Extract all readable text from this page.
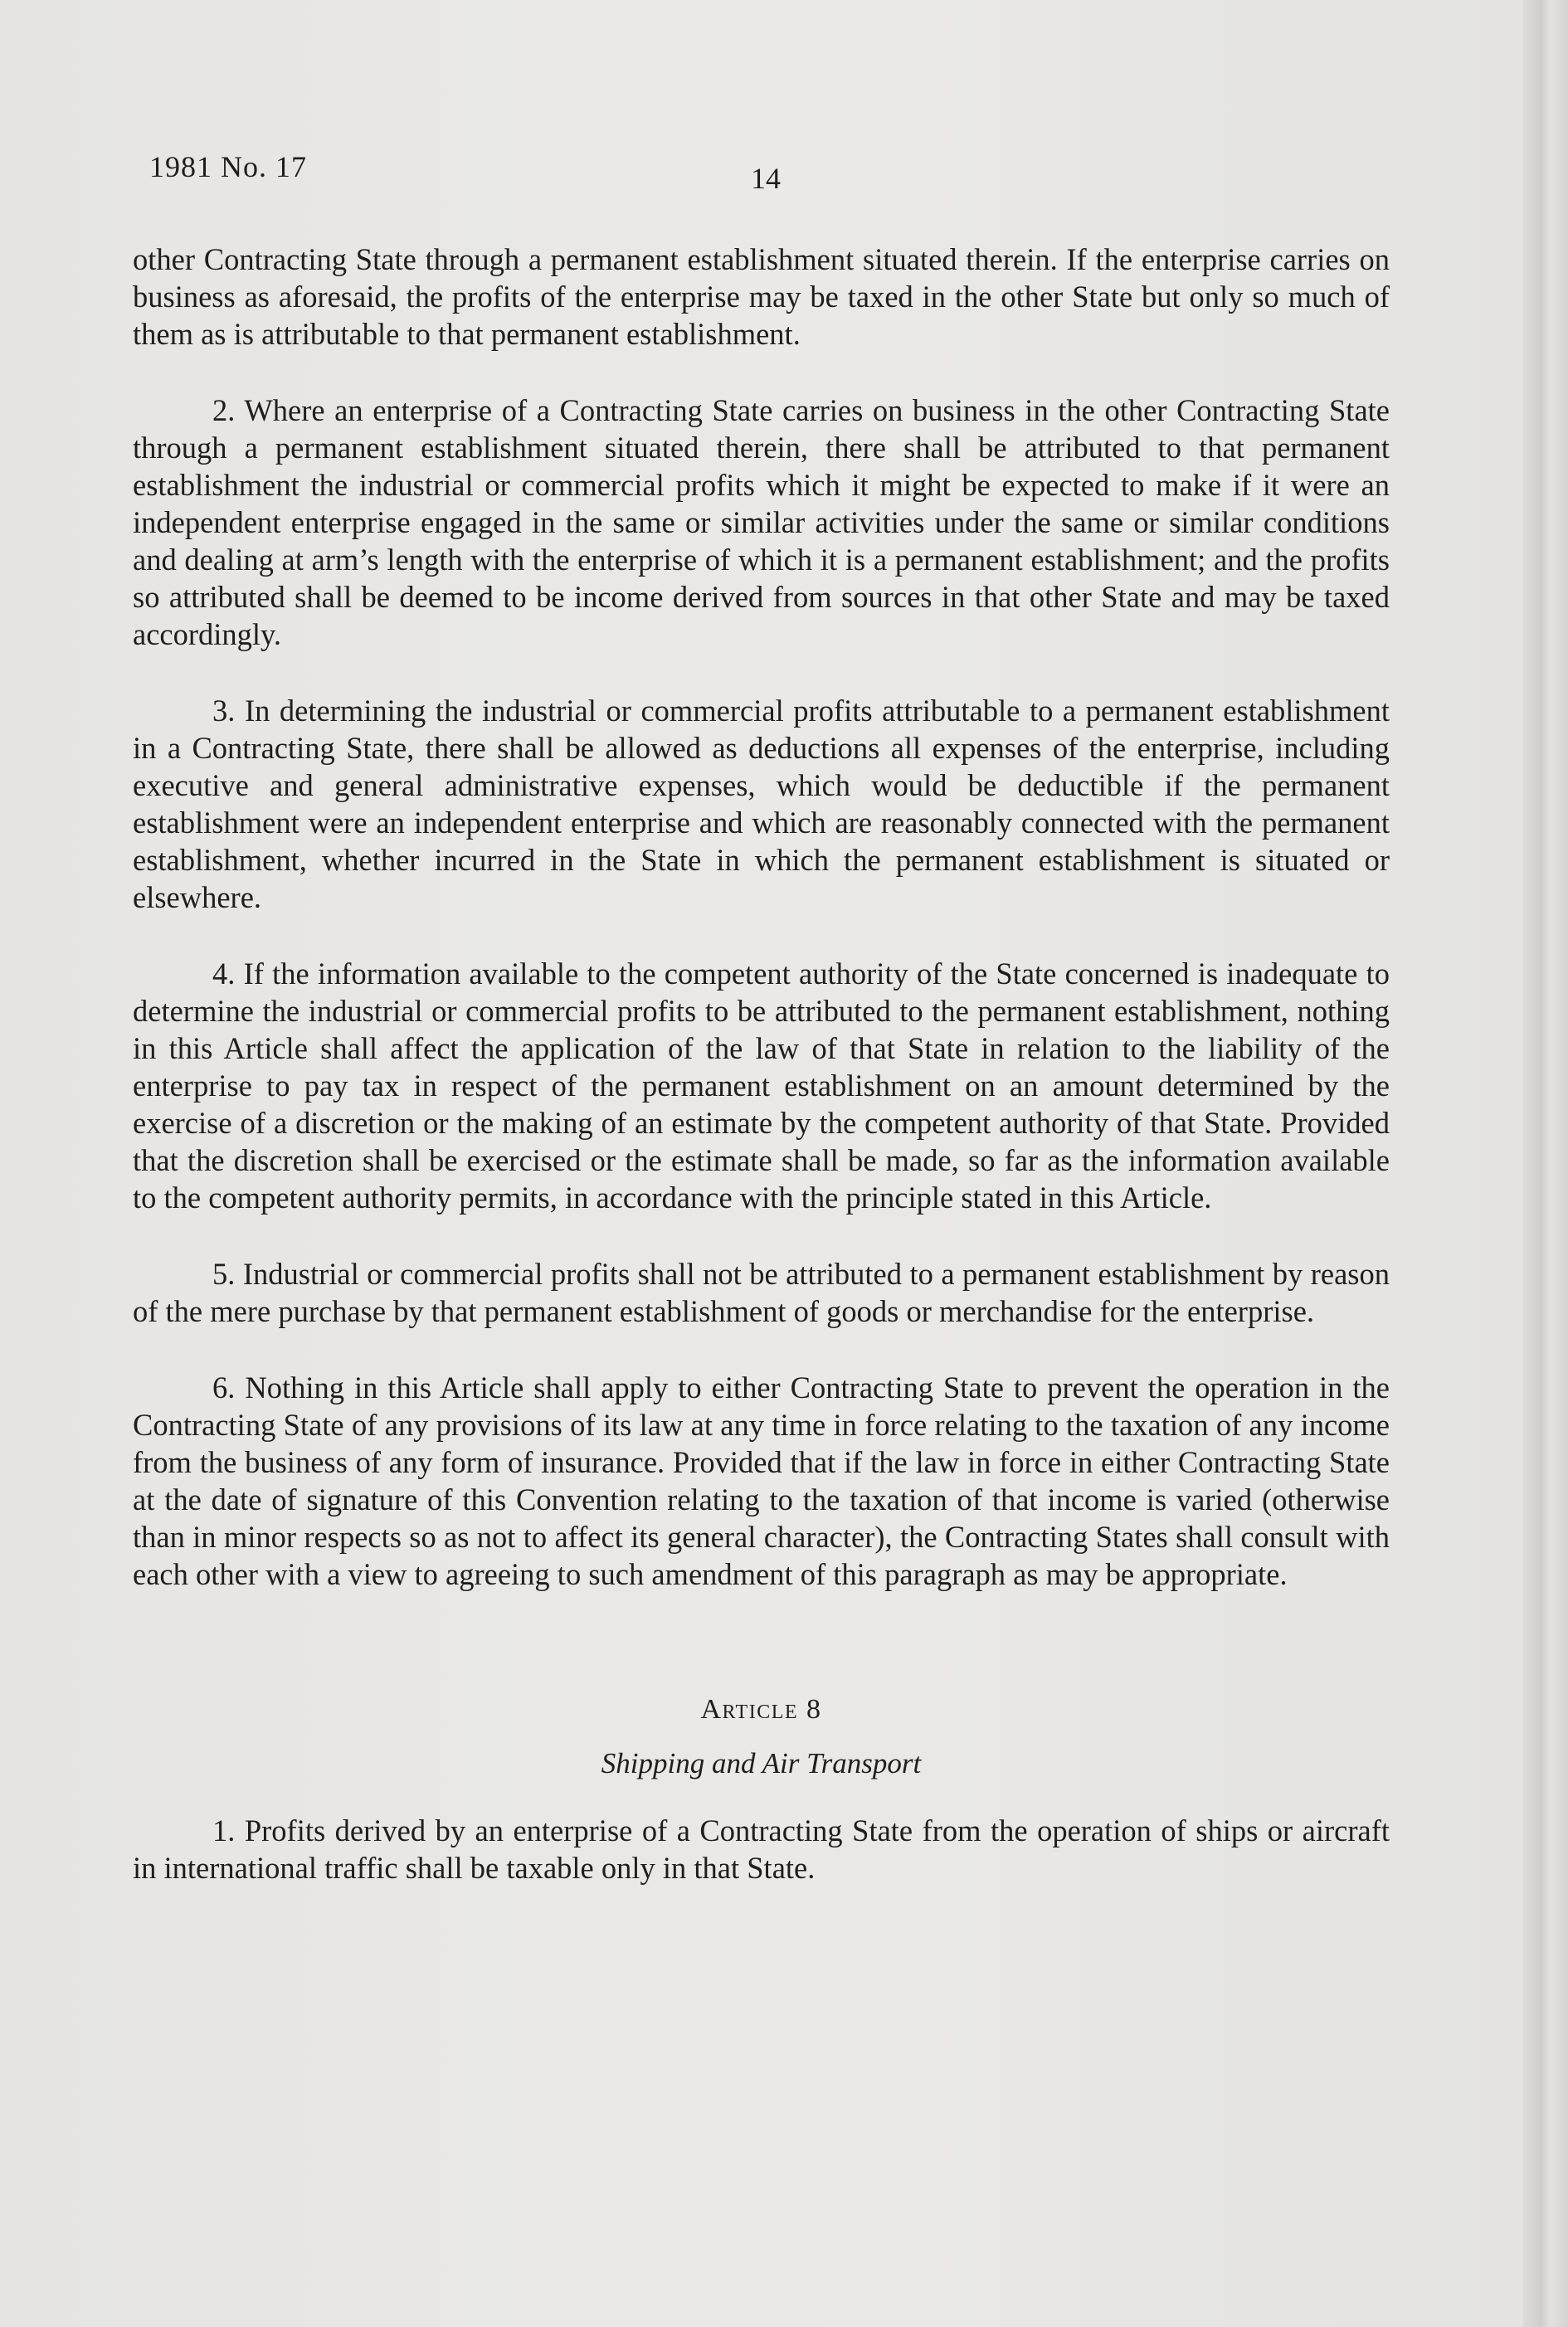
1981 No. 17	14

other Contracting State through a permanent establishment situated therein. If the enterprise carries on business as aforesaid, the profits of the enterprise may be taxed in the other State but only so much of them as is attributable to that permanent establishment.

2. Where an enterprise of a Contracting State carries on business in the other Contracting State through a permanent establishment situated therein, there shall be attributed to that permanent establishment the industrial or commercial profits which it might be expected to make if it were an independent enterprise engaged in the same or similar activities under the same or similar conditions and dealing at arm’s length with the enterprise of which it is a permanent establishment; and the profits so attributed shall be deemed to be income derived from sources in that other State and may be taxed accordingly.

3. In determining the industrial or commercial profits attributable to a permanent establishment in a Contracting State, there shall be allowed as deductions all expenses of the enterprise, including executive and general administrative expenses, which would be deductible if the permanent establishment were an independent enterprise and which are reasonably connected with the permanent establishment, whether incurred in the State in which the permanent establishment is situated or elsewhere.

4. If the information available to the competent authority of the State concerned is inadequate to determine the industrial or commercial profits to be attributed to the permanent establishment, nothing in this Article shall affect the application of the law of that State in relation to the liability of the enterprise to pay tax in respect of the permanent establishment on an amount determined by the exercise of a discretion or the making of an estimate by the competent authority of that State. Provided that the discretion shall be exercised or the estimate shall be made, so far as the information available to the competent authority permits, in accordance with the principle stated in this Article.

5. Industrial or commercial profits shall not be attributed to a permanent establishment by reason of the mere purchase by that permanent establishment of goods or merchandise for the enterprise.

6. Nothing in this Article shall apply to either Contracting State to prevent the operation in the Contracting State of any provisions of its law at any time in force relating to the taxation of any income from the business of any form of insurance. Provided that if the law in force in either Contracting State at the date of signature of this Convention relating to the taxation of that income is varied (otherwise than in minor respects so as not to affect its general character), the Contracting States shall consult with each other with a view to agreeing to such amendment of this paragraph as may be appropriate.

Article 8
Shipping and Air Transport

1. Profits derived by an enterprise of a Contracting State from the operation of ships or aircraft in international traffic shall be taxable only in that State.
